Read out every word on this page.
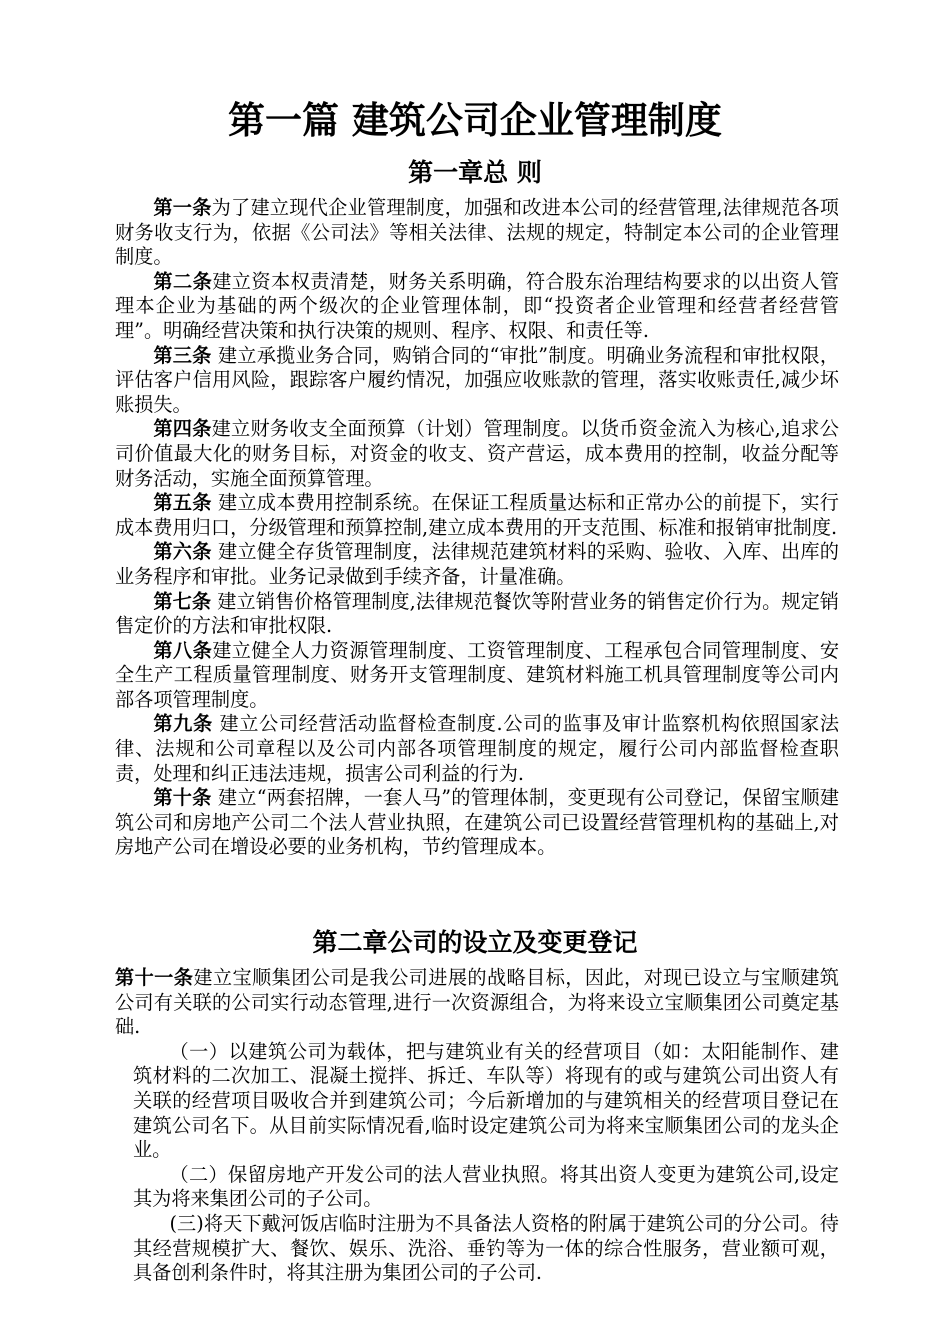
第一篇 建筑公司企业管理制度
第一章总 则

第一条为了建立现代企业管理制度，加强和改进本公司的经营管理,法律规范各项财务收支行为，依据《公司法》等相关法律、法规的规定，特制定本公司的企业管理制度。

第二条建立资本权责清楚，财务关系明确，符合股东治理结构要求的以出资人管理本企业为基础的两个级次的企业管理体制，即“投资者企业管理和经营者经营管理”。明确经营决策和执行决策的规则、程序、权限、和责任等.

第三条 建立承揽业务合同，购销合同的“审批”制度。明确业务流程和审批权限，评估客户信用风险，跟踪客户履约情况，加强应收账款的管理，落实收账责任,减少坏账损失。

第四条建立财务收支全面预算（计划）管理制度。以货币资金流入为核心,追求公司价值最大化的财务目标，对资金的收支、资产营运，成本费用的控制，收益分配等财务活动，实施全面预算管理。

第五条 建立成本费用控制系统。在保证工程质量达标和正常办公的前提下，实行成本费用归口，分级管理和预算控制,建立成本费用的开支范围、标准和报销审批制度.

第六条 建立健全存货管理制度，法律规范建筑材料的采购、验收、入库、出库的业务程序和审批。业务记录做到手续齐备，计量准确。

第七条 建立销售价格管理制度,法律规范餐饮等附营业务的销售定价行为。规定销售定价的方法和审批权限.

第八条建立健全人力资源管理制度、工资管理制度、工程承包合同管理制度、安全生产工程质量管理制度、财务开支管理制度、建筑材料施工机具管理制度等公司内部各项管理制度。

第九条 建立公司经营活动监督检查制度.公司的监事及审计监察机构依照国家法律、法规和公司章程以及公司内部各项管理制度的规定，履行公司内部监督检查职责，处理和纠正违法违规，损害公司利益的行为.

第十条 建立“两套招牌，一套人马”的管理体制，变更现有公司登记，保留宝顺建筑公司和房地产公司二个法人营业执照，在建筑公司已设置经营管理机构的基础上,对房地产公司在增设必要的业务机构，节约管理成本。

第二章公司的设立及变更登记

第十一条建立宝顺集团公司是我公司进展的战略目标，因此，对现已设立与宝顺建筑公司有关联的公司实行动态管理,进行一次资源组合，为将来设立宝顺集团公司奠定基础.

（一）以建筑公司为载体，把与建筑业有关的经营项目（如：太阳能制作、建筑材料的二次加工、混凝土搅拌、拆迁、车队等）将现有的或与建筑公司出资人有关联的经营项目吸收合并到建筑公司；今后新增加的与建筑相关的经营项目登记在建筑公司名下。从目前实际情况看,临时设定建筑公司为将来宝顺集团公司的龙头企业。

（二）保留房地产开发公司的法人营业执照。将其出资人变更为建筑公司,设定其为将来集团公司的子公司。

(三)将天下戴河饭店临时注册为不具备法人资格的附属于建筑公司的分公司。待其经营规模扩大、餐饮、娱乐、洗浴、垂钓等为一体的综合性服务，营业额可观，具备创利条件时，将其注册为集团公司的子公司.
